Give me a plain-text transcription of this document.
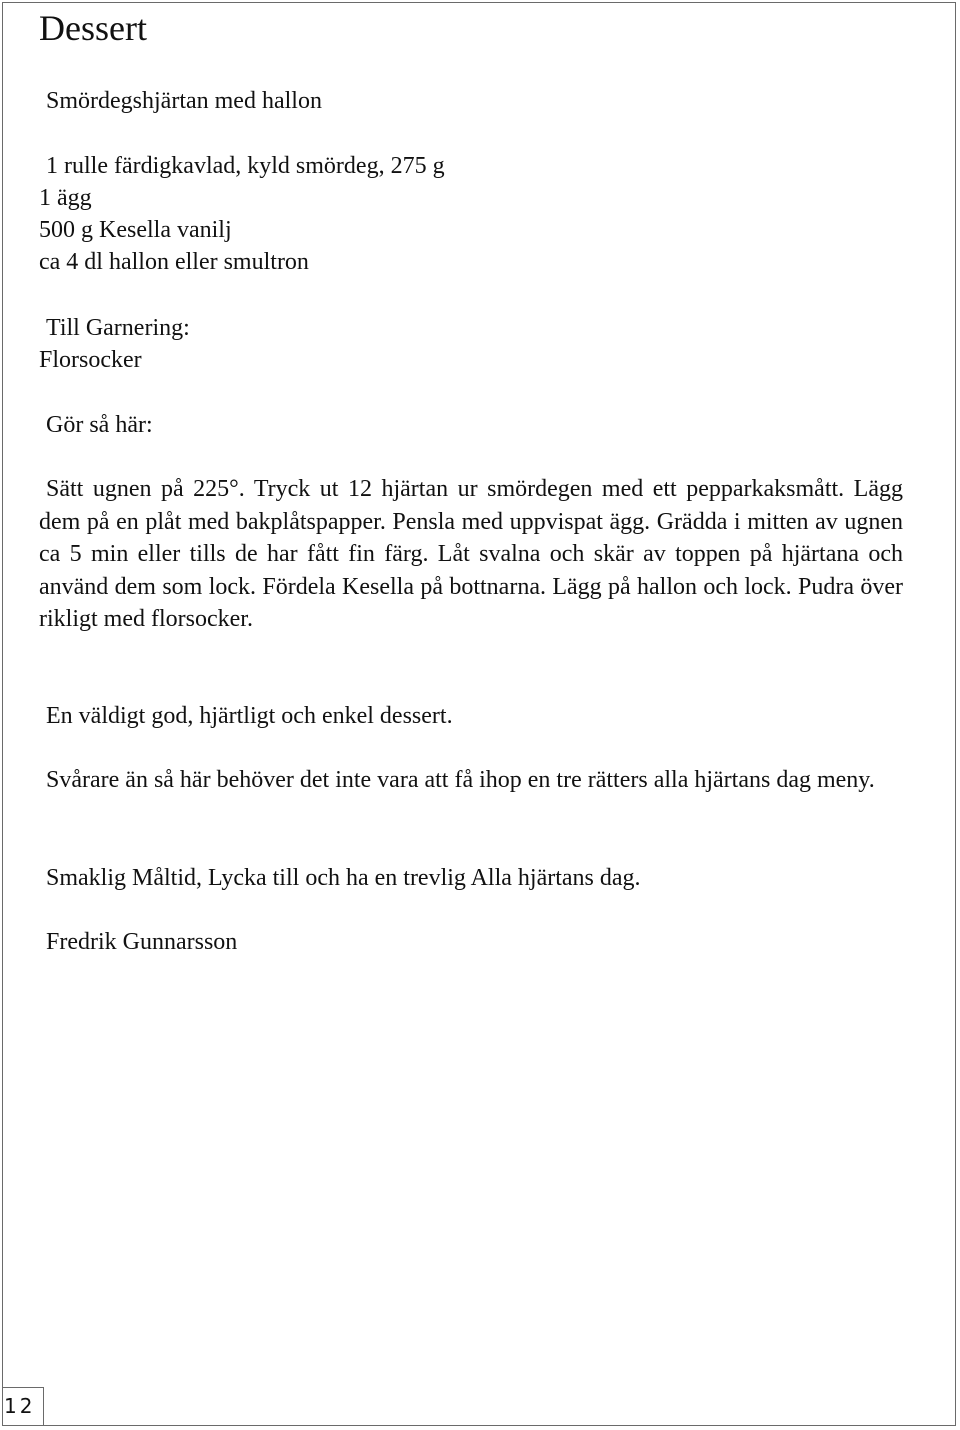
Dessert

Smördegshjärtan med hallon

1 rulle färdigkavlad, kyld smördeg, 275 g

1 ägg

500 g Kesella vanilj

ca 4 dl hallon eller smultron

Till Garnering:

Florsocker

Gör så här:

Sätt ugnen på 225°. Tryck ut 12 hjärtan ur smördegen med ett pepparkaksmått. Lägg dem på en plåt med bakplåtspapper. Pensla med uppvispat ägg. Grädda i mitten av ugnen ca 5 min eller tills de har fått fin färg. Låt svalna och skär av toppen på hjärtana och använd dem som lock. Fördela Kesella på bottnarna. Lägg på hallon och lock. Pudra över rikligt med florsocker.

En väldigt god, hjärtligt och enkel dessert.

Svårare än så här behöver det inte vara att få ihop en tre rätters alla hjärtans dag meny.

Smaklig Måltid, Lycka till och ha en trevlig Alla hjärtans dag.

Fredrik Gunnarsson

12
